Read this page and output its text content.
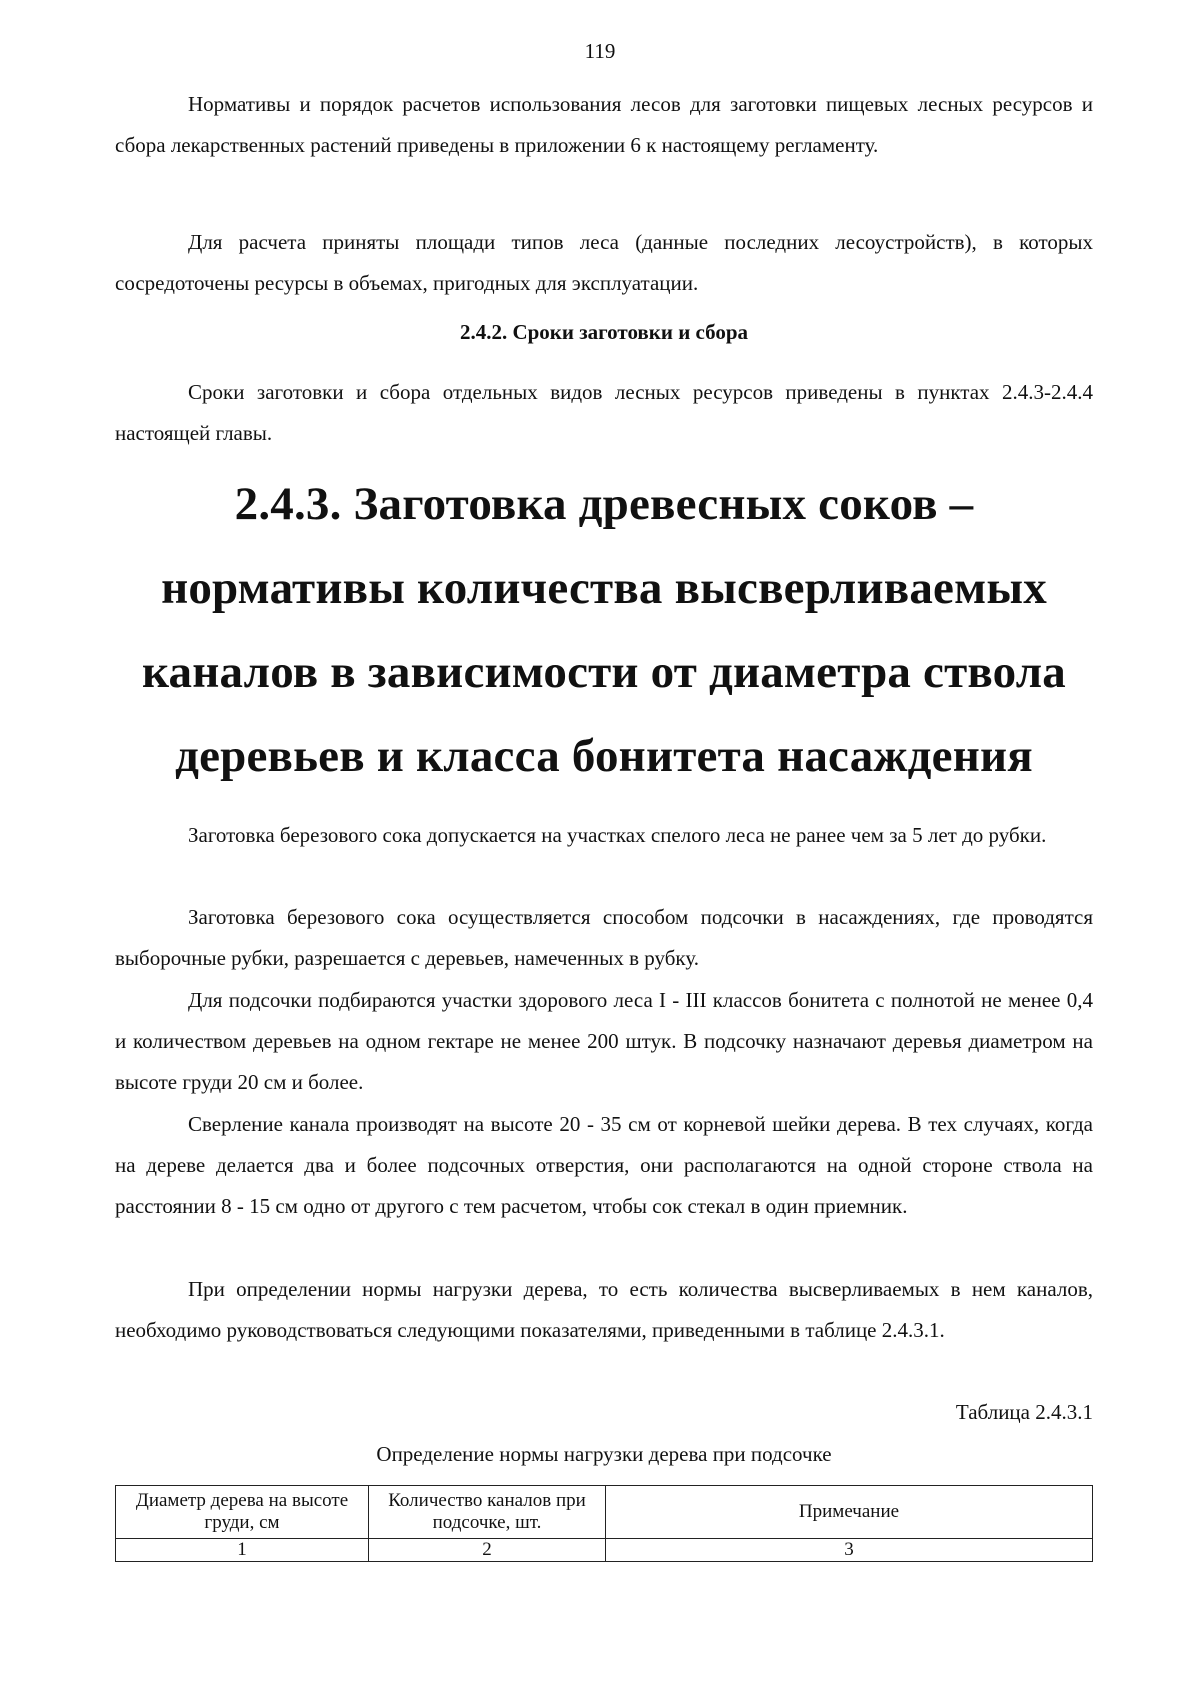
119

Нормативы и порядок расчетов использования лесов для заготовки пищевых лесных ресурсов и сбора лекарственных растений приведены в приложении 6 к настоящему регламенту.

Для расчета приняты площади типов леса (данные последних лесоустройств), в которых сосредоточены ресурсы в объемах, пригодных для эксплуатации.

2.4.2. Сроки заготовки и сбора

Сроки заготовки и сбора отдельных видов лесных ресурсов приведены в пунктах 2.4.3-2.4.4 настоящей главы.

2.4.3. Заготовка древесных соков –
нормативы количества высверливаемых
каналов в зависимости от диаметра ствола
деревьев и класса бонитета насаждения

Заготовка березового сока допускается на участках спелого леса не ранее чем за 5 лет до рубки.

Заготовка березового сока осуществляется способом подсочки в насаждениях, где проводятся выборочные рубки, разрешается с деревьев, намеченных в рубку.

Для подсочки подбираются участки здорового леса I - III классов бонитета с полнотой не менее 0,4 и количеством деревьев на одном гектаре не менее 200 штук. В подсочку назначают деревья диаметром на высоте груди 20 см и более.

Сверление канала производят на высоте 20 - 35 см от корневой шейки дерева. В тех случаях, когда на дереве делается два и более подсочных отверстия, они располагаются на одной стороне ствола на расстоянии 8 - 15 см одно от другого с тем расчетом, чтобы сок стекал в один приемник.

При определении нормы нагрузки дерева, то есть количества высверливаемых в нем каналов, необходимо руководствоваться следующими показателями, приведенными в таблице 2.4.3.1.

Таблица 2.4.3.1

Определение нормы нагрузки дерева при подсочке

Диаметр дерева на высоте груди, см	Количество каналов при подсочке, шт.	Примечание
1	2	3
